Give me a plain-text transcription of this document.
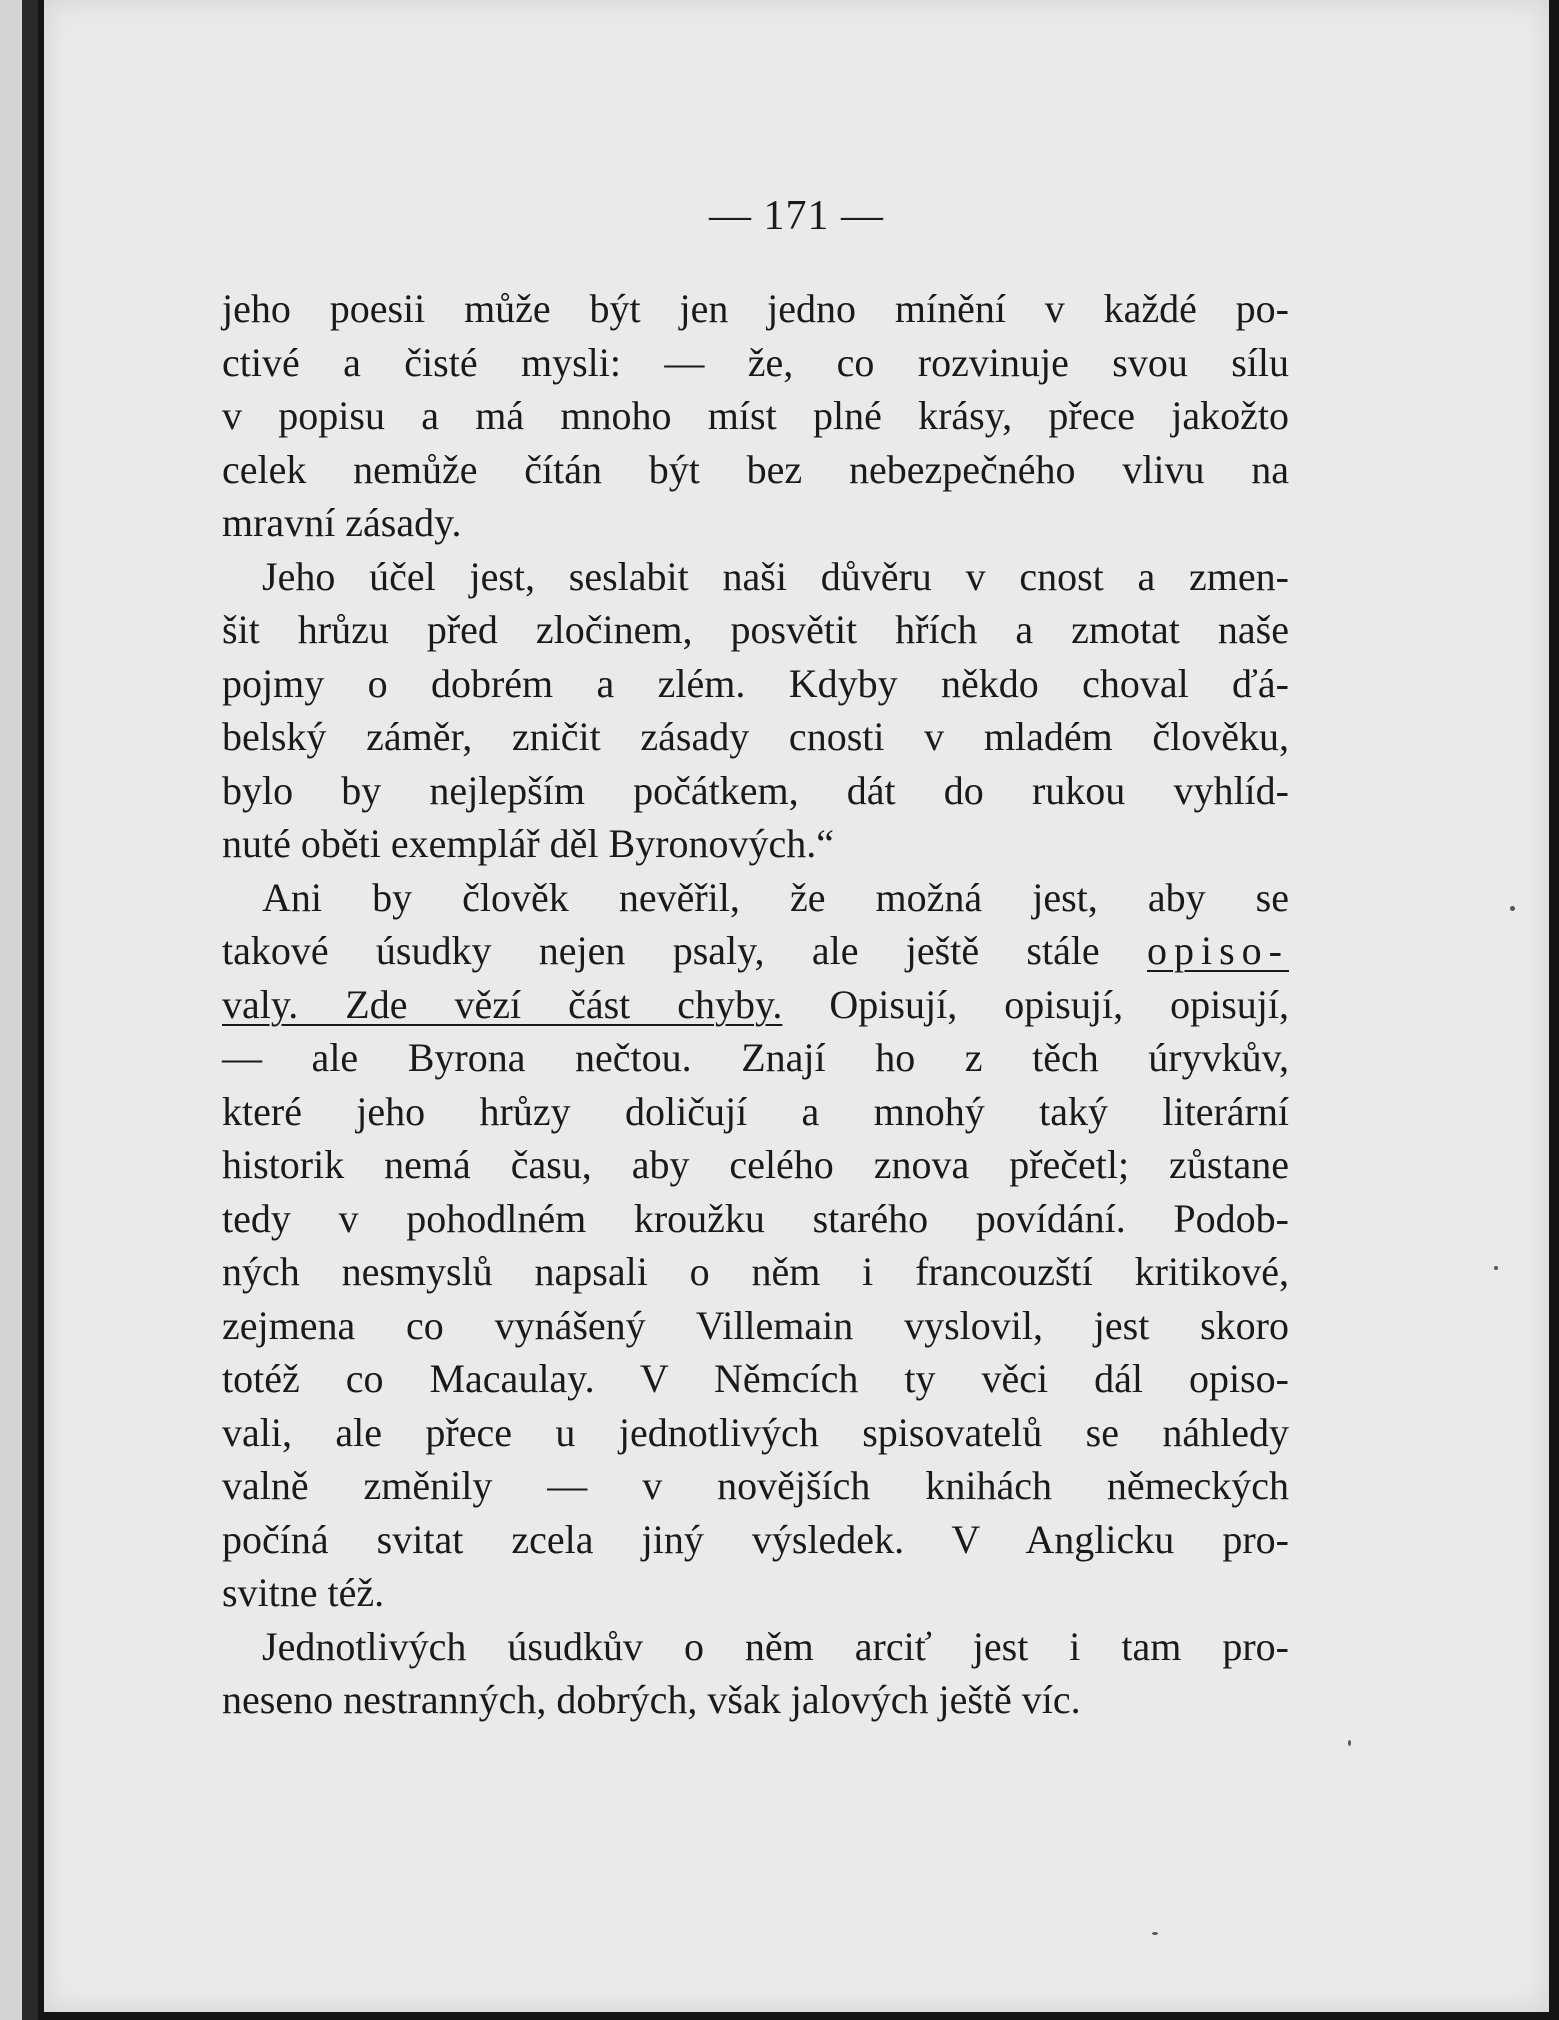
— 171 —
jeho poesii může být jen jedno mínění v každé po-
ctivé a čisté mysli: — že, co rozvinuje svou sílu
v popisu a má mnoho míst plné krásy, přece jakožto
celek nemůže čítán být bez nebezpečného vlivu na
mravní zásady.
Jeho účel jest, seslabit naši důvěru v cnost a zmen-
šit hrůzu před zločinem, posvětit hřích a zmotat naše
pojmy o dobrém a zlém. Kdyby někdo choval ďá-
belský záměr, zničit zásady cnosti v mladém člověku,
bylo by nejlepším počátkem, dát do rukou vyhlíd-
nuté oběti exemplář děl Byronových.“
Ani by člověk nevěřil, že možná jest, aby se
takové úsudky nejen psaly, ale ještě stále opiso-
valy. Zde vězí část chyby. Opisují, opisují, opisují,
— ale Byrona nečtou. Znají ho z těch úryvkův,
které jeho hrůzy doličují a mnohý taký literární
historik nemá času, aby celého znova přečetl; zůstane
tedy v pohodlném kroužku starého povídání. Podob-
ných nesmyslů napsali o něm i francouzští kritikové,
zejmena co vynášený Villemain vyslovil, jest skoro
totéž co Macaulay. V Němcích ty věci dál opiso-
vali, ale přece u jednotlivých spisovatelů se náhledy
valně změnily — v novějších knihách německých
počíná svitat zcela jiný výsledek. V Anglicku pro-
svitne též.
Jednotlivých úsudkův o něm arciť jest i tam pro-
neseno nestranných, dobrých, však jalových ještě víc.
